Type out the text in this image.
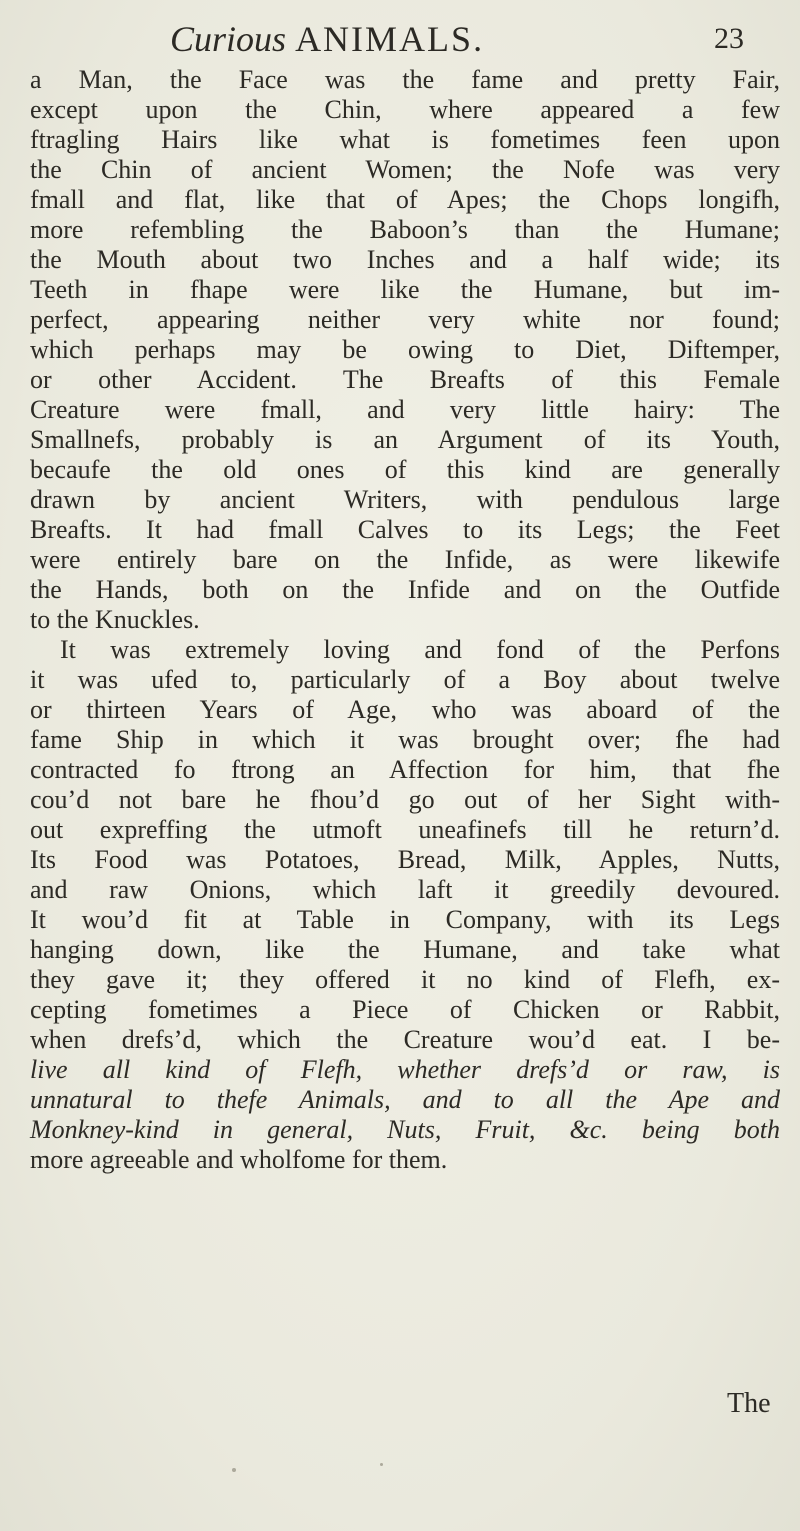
Curious ANIMALS.	23
a Man, the Face was the fame and pretty Fair,
except upon the Chin, where appeared a few
ftragling Hairs like what is fometimes feen upon
the Chin of ancient Women; the Nofe was very
fmall and flat, like that of Apes; the Chops longifh,
more refembling the Baboon’s than the Humane;
the Mouth about two Inches and a half wide; its
Teeth in fhape were like the Humane, but im-
perfect, appearing neither very white nor found;
which perhaps may be owing to Diet, Diftemper,
or other Accident. The Breafts of this Female
Creature were fmall, and very little hairy: The
Smallnefs, probably is an Argument of its Youth,
becaufe the old ones of this kind are generally
drawn by ancient Writers, with pendulous large
Breafts. It had fmall Calves to its Legs; the Feet
were entirely bare on the Infide, as were likewife
the Hands, both on the Infide and on the Outfide
to the Knuckles.
It was extremely loving and fond of the Perfons
it was ufed to, particularly of a Boy about twelve
or thirteen Years of Age, who was aboard of the
fame Ship in which it was brought over; fhe had
contracted fo ftrong an Affection for him, that fhe
cou’d not bare he fhou’d go out of her Sight with-
out expreffing the utmoft uneafinefs till he return’d.
Its Food was Potatoes, Bread, Milk, Apples, Nutts,
and raw Onions, which laft it greedily devoured.
It wou’d fit at Table in Company, with its Legs
hanging down, like the Humane, and take what
they gave it; they offered it no kind of Flefh, ex-
cepting fometimes a Piece of Chicken or Rabbit,
when drefs’d, which the Creature wou’d eat. I be-
live all kind of Flefh, whether drefs’d or raw, is
unnatural to thefe Animals, and to all the Ape and
Monkney-kind in general, Nuts, Fruit, &c. being both
more agreeable and wholfome for them.
The
